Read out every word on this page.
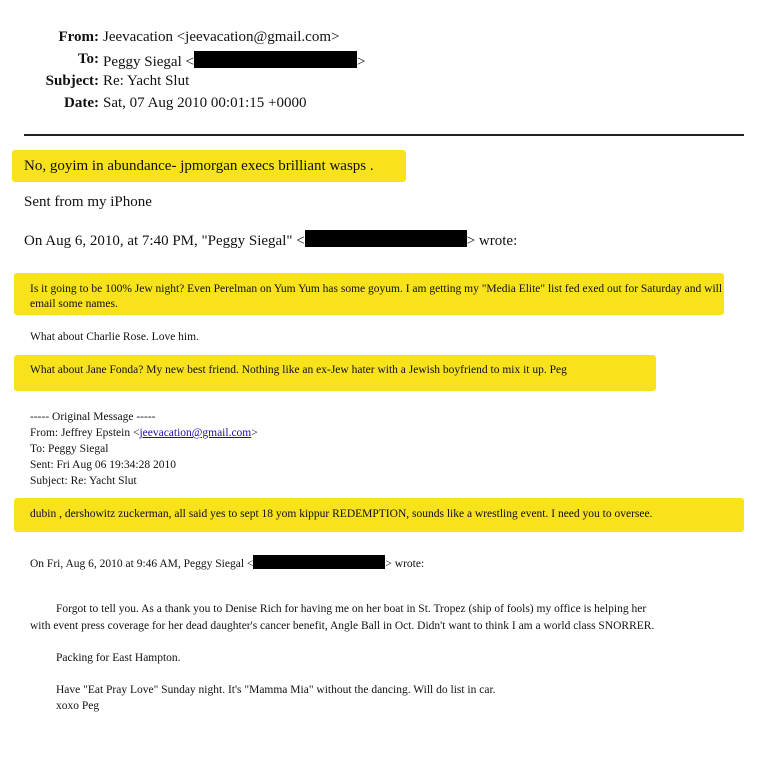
From: Jeevacation <jeevacation@gmail.com>
To: Peggy Siegal <	>
Subject: Re: Yacht Slut
Date: Sat, 07 Aug 2010 00:01:15 +0000
No, goyim in abundance- jpmorgan execs brilliant wasps .
Sent from my iPhone
On Aug 6, 2010, at 7:40 PM, "Peggy Siegal" <	> wrote:
Is it going to be 100% Jew night? Even Perelman on Yum Yum has some goyum. I am getting my "Media Elite" list fed exed out for Saturday and will email some names.
What about Charlie Rose. Love him.
What about Jane Fonda? My new best friend. Nothing like an ex-Jew hater with a Jewish boyfriend to mix it up. Peg
----- Original Message -----
From: Jeffrey Epstein <jeevacation@gmail.com>
To: Peggy Siegal
Sent: Fri Aug 06 19:34:28 2010
Subject: Re: Yacht Slut
dubin , dershowitz zuckerman, all said yes to sept 18 yom kippur REDEMPTION, sounds like a wrestling event. I need you to oversee.
On Fri, Aug 6, 2010 at 9:46 AM, Peggy Siegal <	> wrote:
Forgot to tell you. As a thank you to Denise Rich for having me on her boat in St. Tropez (ship of fools) my office is helping her
with event press coverage for her dead daughter's cancer benefit, Angle Ball in Oct. Didn't want to think I am a world class SNORRER.
Packing for East Hampton.
Have "Eat Pray Love" Sunday night. It's "Mamma Mia" without the dancing. Will do list in car.
xoxo Peg
